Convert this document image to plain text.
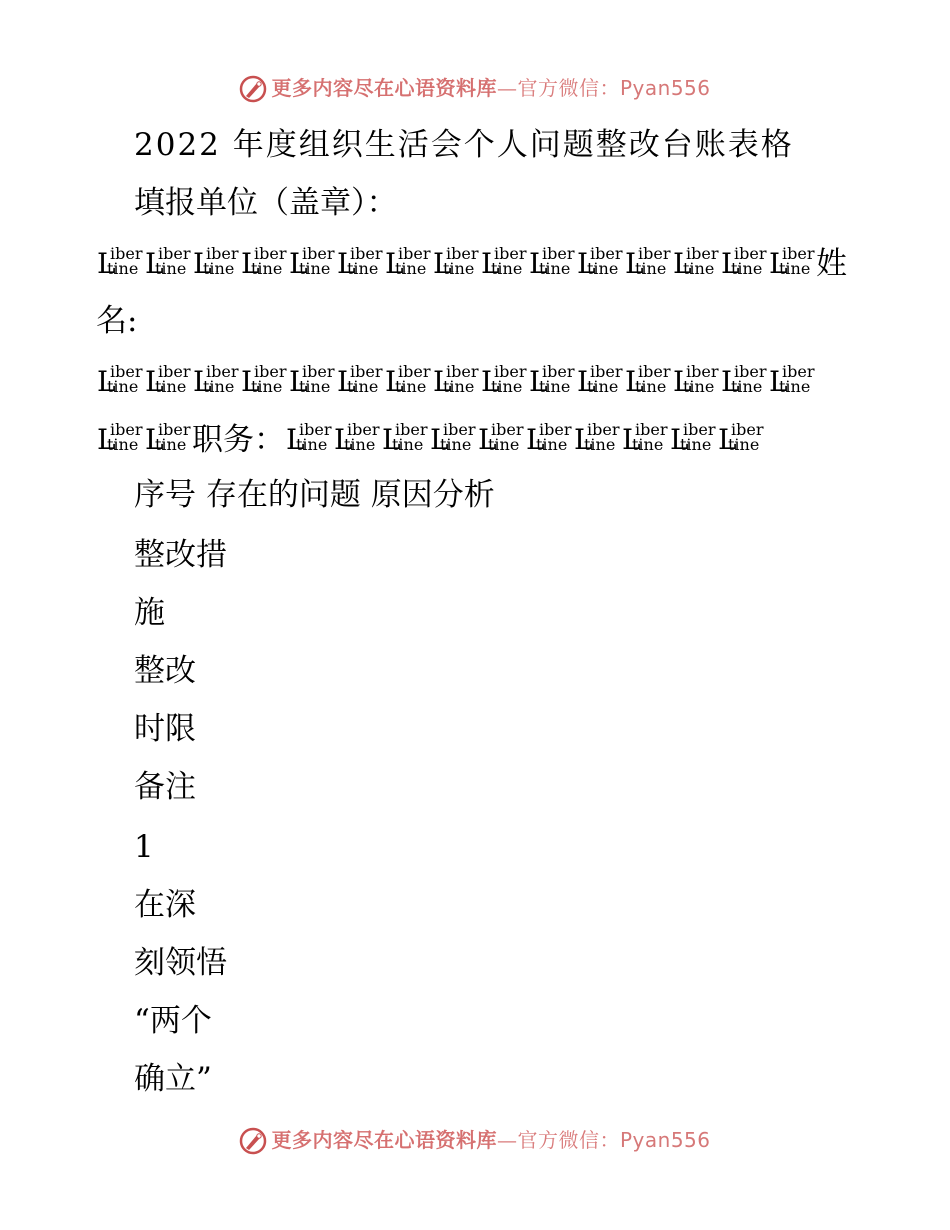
更多内容尽在心语资料库—官方微信：Pyan556
2022 年度组织生活会个人问题整改台账表格
填报单位（盖章）：
L
iber
tine L
iber
tine L
iber
tine L
iber
tine L
iber
tine L
iber
tine L
iber
tine L
iber
tine L
iber
tine L
iber
tine L
iber
tine L
iber
tine L
iber
tine L
iber
tine L
iber
tine 姓
名:
L
iber
tine L
iber
tine L
iber
tine L
iber
tine L
iber
tine L
iber
tine L
iber
tine L
iber
tine L
iber
tine L
iber
tine L
iber
tine L
iber
tine L
iber
tine L
iber
tine L
iber
tine
L
iber
tine L
iber
tine 职务： L
iber
tine L
iber
tine L
iber
tine L
iber
tine L
iber
tine L
iber
tine L
iber
tine L
iber
tine L
iber
tine L
iber
tine
序号 存在的问题 原因分析
整改措
施
整改
时限
备注
1
在深
刻领悟
“两个
确立”
更多内容尽在心语资料库—官方微信：Pyan556
